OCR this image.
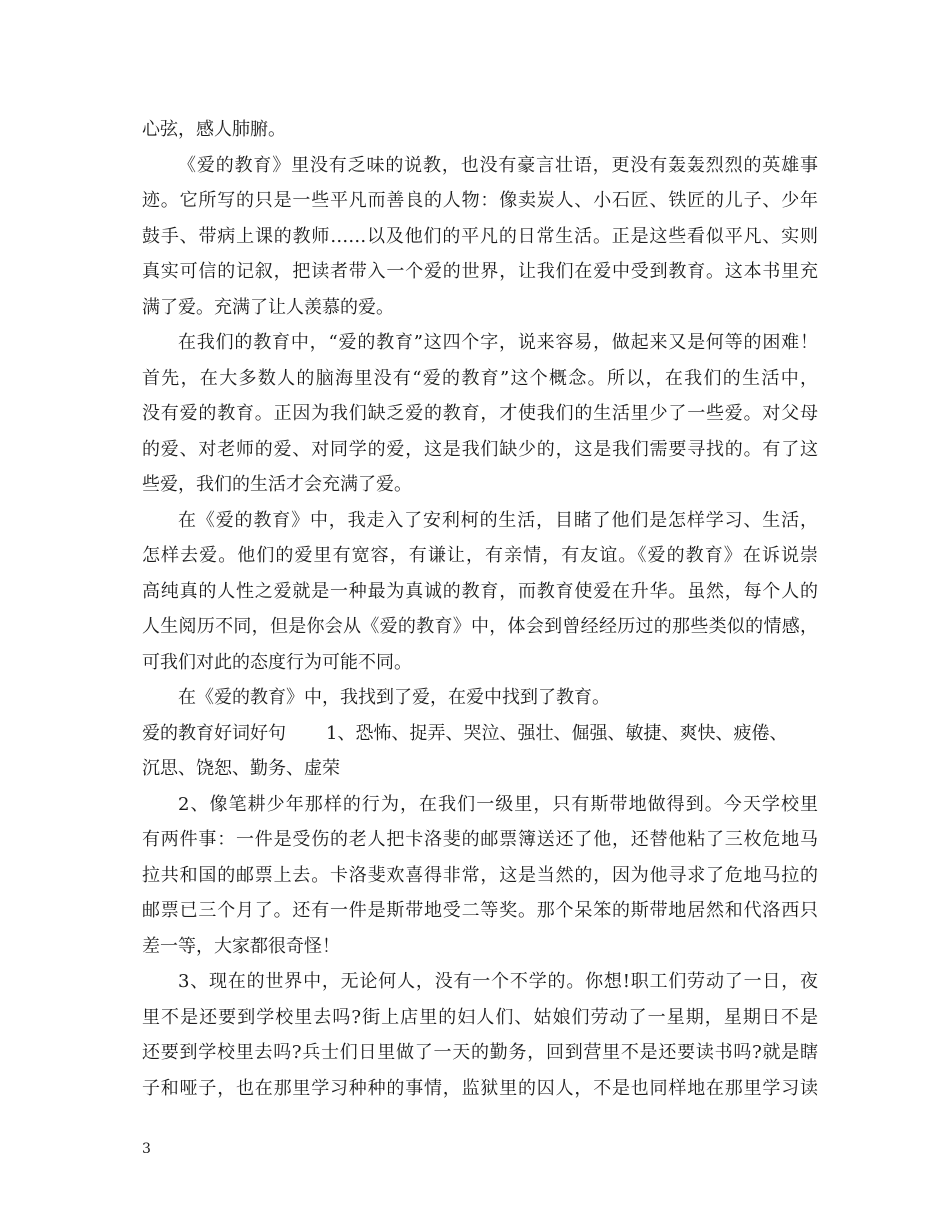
心弦，感人肺腑。
《爱的教育》里没有乏味的说教，也没有豪言壮语，更没有轰轰烈烈的英雄事
迹。它所写的只是一些平凡而善良的人物：像卖炭人、小石匠、铁匠的儿子、少年
鼓手、带病上课的教师……以及他们的平凡的日常生活。正是这些看似平凡、实则
真实可信的记叙，把读者带入一个爱的世界，让我们在爱中受到教育。这本书里充
满了爱。充满了让人羡慕的爱。
在我们的教育中，“爱的教育”这四个字，说来容易，做起来又是何等的困难！
首先，在大多数人的脑海里没有“爱的教育”这个概念。所以，在我们的生活中，
没有爱的教育。正因为我们缺乏爱的教育，才使我们的生活里少了一些爱。对父母
的爱、对老师的爱、对同学的爱，这是我们缺少的，这是我们需要寻找的。有了这
些爱，我们的生活才会充满了爱。
在《爱的教育》中，我走入了安利柯的生活，目睹了他们是怎样学习、生活，
怎样去爱。他们的爱里有宽容，有谦让，有亲情，有友谊。《爱的教育》在诉说崇
高纯真的人性之爱就是一种最为真诚的教育，而教育使爱在升华。虽然，每个人的
人生阅历不同，但是你会从《爱的教育》中，体会到曾经经历过的那些类似的情感，
可我们对此的态度行为可能不同。
在《爱的教育》中，我找到了爱，在爱中找到了教育。
爱的教育好词好句 1、恐怖、捉弄、哭泣、强壮、倔强、敏捷、爽快、疲倦、
沉思、饶恕、勤务、虚荣
2、像笔耕少年那样的行为，在我们一级里，只有斯带地做得到。今天学校里
有两件事：一件是受伤的老人把卡洛斐的邮票簿送还了他，还替他粘了三枚危地马
拉共和国的邮票上去。卡洛斐欢喜得非常，这是当然的，因为他寻求了危地马拉的
邮票已三个月了。还有一件是斯带地受二等奖。那个呆笨的斯带地居然和代洛西只
差一等，大家都很奇怪！
3、现在的世界中，无论何人，没有一个不学的。你想!职工们劳动了一日，夜
里不是还要到学校里去吗?街上店里的妇人们、姑娘们劳动了一星期，星期日不是
还要到学校里去吗?兵士们日里做了一天的勤务，回到营里不是还要读书吗?就是瞎
子和哑子，也在那里学习种种的事情，监狱里的囚人，不是也同样地在那里学习读
3
